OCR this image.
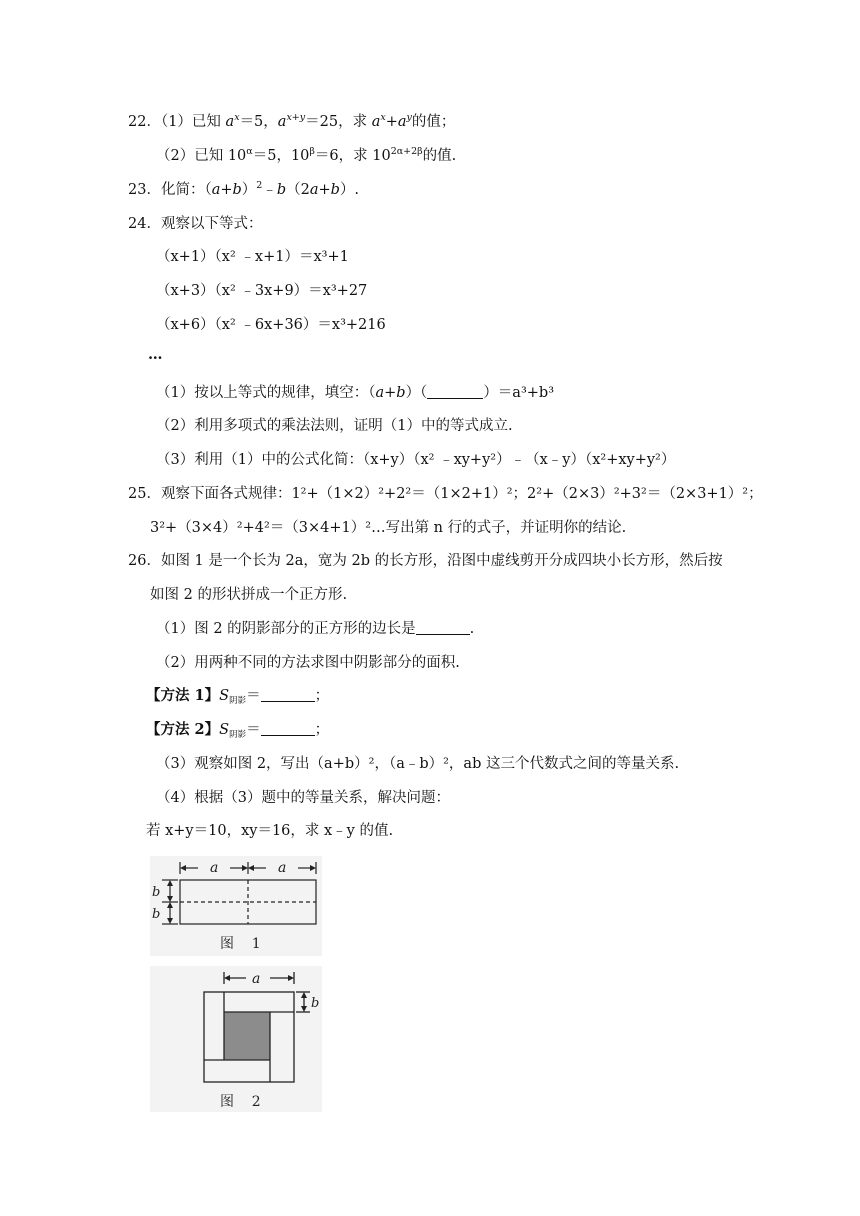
22．（1）已知 $a^x=5$，$a^{x+y}=25$，求 $a^x+a^y$的值；
（2）已知 $10^\alpha=5$，$10^\beta=6$，求 $10^{2\alpha+2\beta}$的值.
23．化简：$(a+b)^2﹣b(2a+b)$.
24．观察以下等式：
（x+1）（x² ﹣x+1）＝x³+1
（x+3）（x² ﹣3x+9）＝x³+27
（x+6）（x² ﹣6x+36）＝x³+216
…
（1）按以上等式的规律，填空：（a+b）（	）＝a³+b³
（2）利用多项式的乘法法则，证明（1）中的等式成立.
（3）利用（1）中的公式化简：（x+y）（x² ﹣xy+y²）﹣（x﹣y）（x²+xy+y²）
25．观察下面各式规律：1²+（1×2）²+2²＝（1×2+1）²；2²+（2×3）²+3²＝（2×3+1）²；
3²+（3×4）²+4²＝（3×4+1）²…写出第 n 行的式子，并证明你的结论.
26．如图 1 是一个长为 2a，宽为 2b 的长方形，沿图中虚线剪开分成四块小长方形，然后按
如图 2 的形状拼成一个正方形.
（1）图 2 的阴影部分的正方形的边长是	.
（2）用两种不同的方法求图中阴影部分的面积.
【方法 1】$S_{阴影}=$	；
【方法 2】$S_{阴影}=$	；
（3）观察如图 2，写出（a+b）²，（a﹣b）²，ab 这三个代数式之间的等量关系.
（4）根据（3）题中的等量关系，解决问题：
若 x+y＝10，xy＝16，求 x﹣y 的值.
a	a
b
b
图    1
a
b
图    2
